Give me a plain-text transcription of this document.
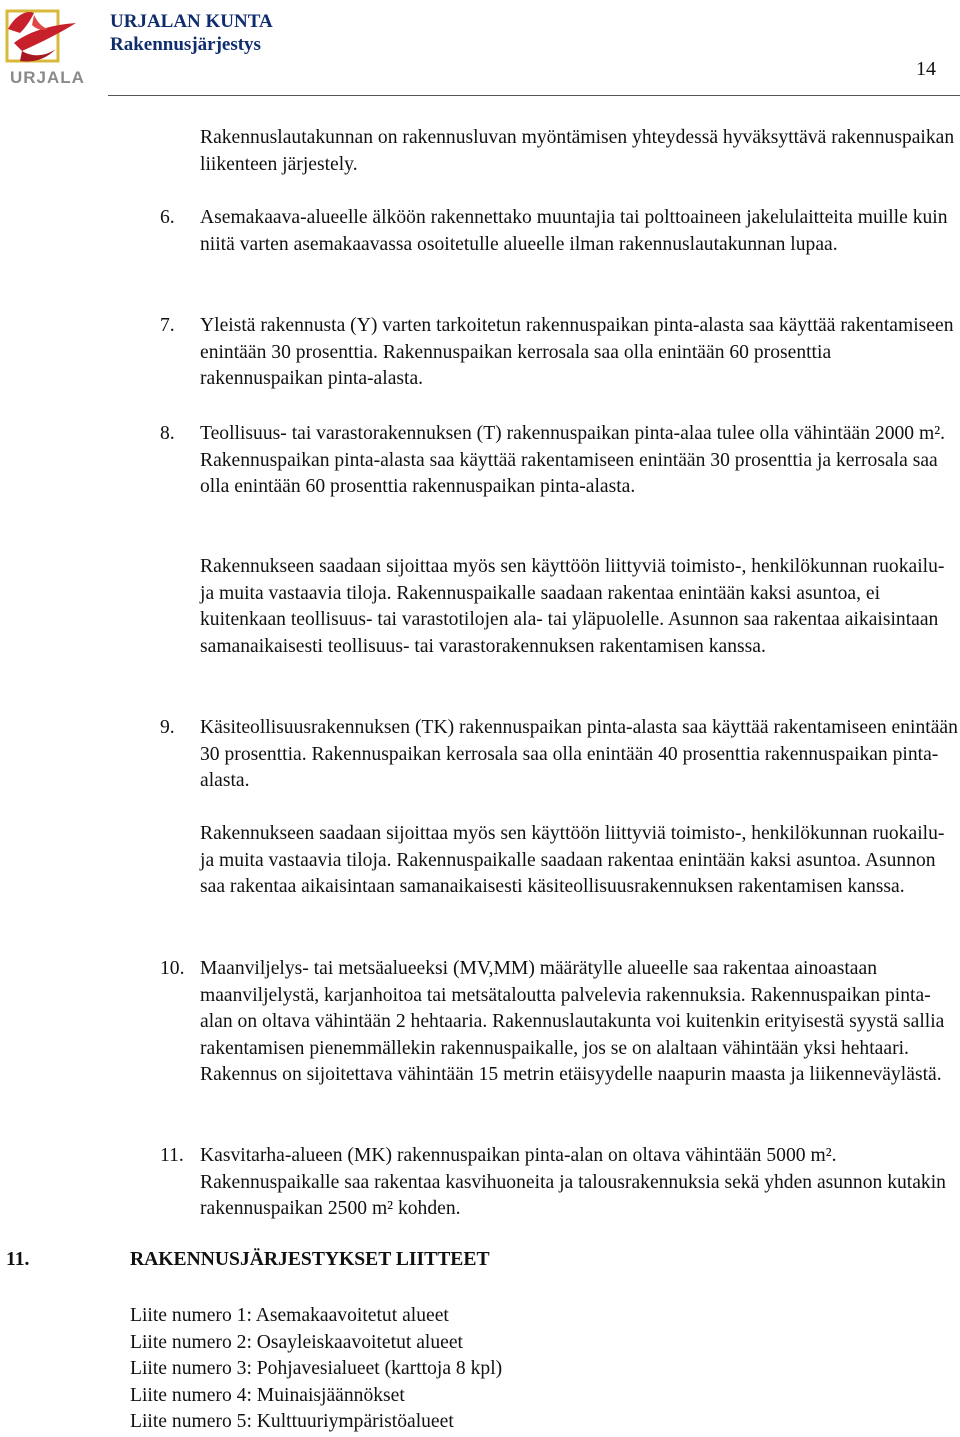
URJALA
URJALAN KUNTA
Rakennusjärjestys
14
Rakennuslautakunnan on rakennusluvan myöntämisen yhteydessä hyväksyttävä rakennuspaikan liikenteen järjestely.
6.	Asemakaava-alueelle älköön rakennettako muuntajia tai polttoaineen jakelulaitteita muille kuin niitä varten asemakaavassa osoitetulle alueelle ilman rakennuslautakunnan lupaa.
7.	Yleistä rakennusta (Y) varten tarkoitetun rakennuspaikan pinta-alasta saa käyttää rakentamiseen enintään 30 prosenttia. Rakennuspaikan kerrosala saa olla enintään 60 prosenttia rakennuspaikan pinta-alasta.
8.	Teollisuus- tai varastorakennuksen (T) rakennuspaikan pinta-alaa tulee olla vähintään 2000 m². Rakennuspaikan pinta-alasta saa käyttää rakentamiseen enintään 30 prosenttia ja kerrosala saa olla enintään 60 prosenttia rakennuspaikan pinta-alasta.
Rakennukseen saadaan sijoittaa myös sen käyttöön liittyviä toimisto-, henkilökunnan ruokailu- ja muita vastaavia tiloja. Rakennuspaikalle saadaan rakentaa enintään kaksi asuntoa, ei kuitenkaan teollisuus- tai varastotilojen ala- tai yläpuolelle. Asunnon saa rakentaa aikaisintaan samanaikaisesti teollisuus- tai varastorakennuksen rakentamisen kanssa.
9.	Käsiteollisuusrakennuksen (TK) rakennuspaikan pinta-alasta saa käyttää rakentamiseen enintään 30 prosenttia. Rakennuspaikan kerrosala saa olla enintään 40 prosenttia rakennuspaikan pinta-alasta.
Rakennukseen saadaan sijoittaa myös sen käyttöön liittyviä toimisto-, henkilökunnan ruokailu- ja muita vastaavia tiloja. Rakennuspaikalle saadaan rakentaa enintään kaksi asuntoa. Asunnon saa rakentaa aikaisintaan samanaikaisesti käsiteollisuusrakennuksen rakentamisen kanssa.
10. Maanviljelys- tai metsäalueeksi (MV,MM) määrätylle alueelle saa rakentaa ainoastaan maanviljelystä, karjanhoitoa tai metsätaloutta palvelevia rakennuksia. Rakennuspaikan pinta-alan on oltava vähintään 2 hehtaaria. Rakennuslautakunta voi kuitenkin erityisestä syystä sallia rakentamisen pienemmällekin rakennuspaikalle, jos se on alaltaan vähintään yksi hehtaari. Rakennus on sijoitettava vähintään 15 metrin etäisyydelle naapurin maasta ja liikenneväylästä.
11. Kasvitarha-alueen (MK) rakennuspaikan pinta-alan on oltava vähintään 5000 m². Rakennuspaikalle saa rakentaa kasvihuoneita ja talousrakennuksia sekä yhden asunnon kutakin rakennuspaikan 2500 m² kohden.
11.	RAKENNUSJÄRJESTYKSET LIITTEET
Liite numero 1: Asemakaavoitetut alueet
Liite numero 2: Osayleiskaavoitetut alueet
Liite numero 3: Pohjavesialueet (karttoja 8 kpl)
Liite numero 4: Muinaisjäännökset
Liite numero 5: Kulttuuriympäristöalueet
